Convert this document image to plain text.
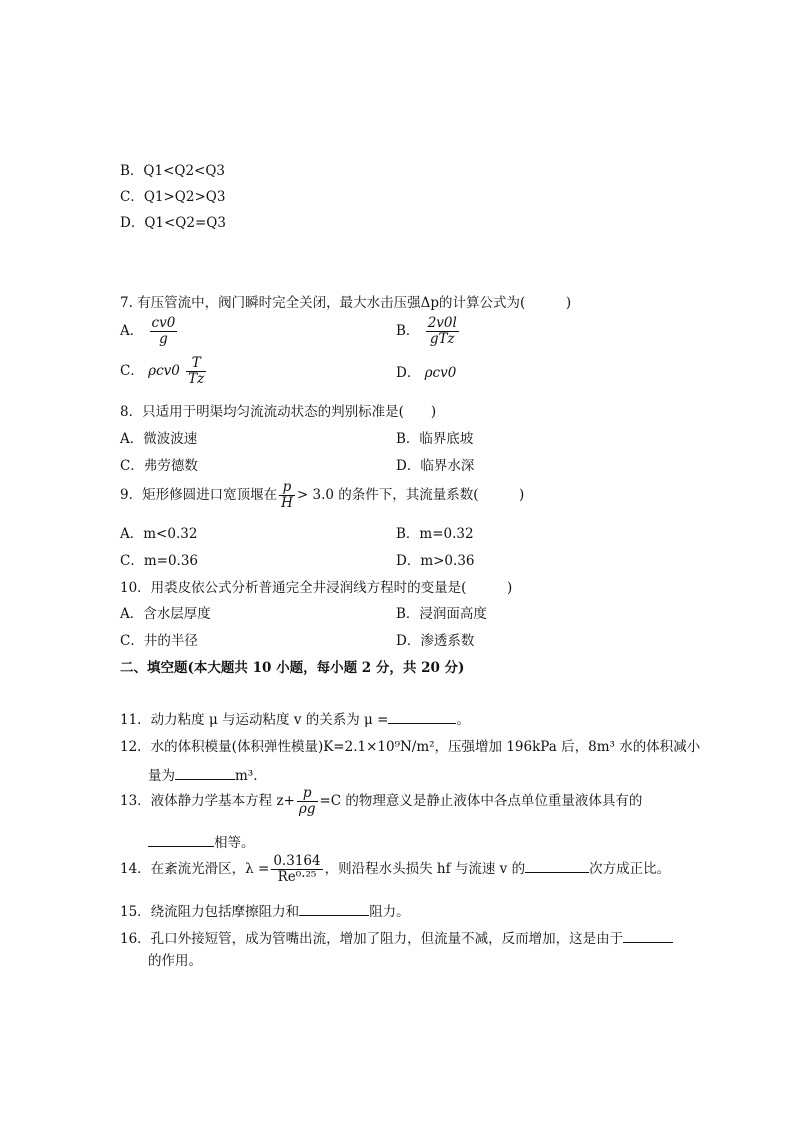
B．Q1<Q2<Q3
C．Q1>Q2>Q3
D．Q1<Q2=Q3
7. 有压管流中，阀门瞬时完全关闭，最大水击压强Δp的计算公式为(　　　)
A． $\frac{cv0}{g}$	B． $\frac{2v0l}{\text{gTz}}$
C． $\rho cv0 \frac{T}{Tz}$	D． ρcv0
8．只适用于明渠均匀流流动状态的判别标准是(　　)
A．微波波速	B．临界底坡
C．弗劳德数	D．临界水深
9．矩形修圆进口宽顶堰在 $\frac{p}{H} > 3.0$ 的条件下，其流量系数(　　　)
A．m<0.32	B．m=0.32
C．m=0.36	D．m>0.36
10．用裘皮依公式分析普通完全井浸润线方程时的变量是(　　　)
A．含水层厚度	B．浸润面高度
C．井的半径	D．渗透系数
二、填空题(本大题共 10 小题，每小题 2 分，共 20 分)
11．动力粘度 μ 与运动粘度 v 的关系为 μ =	。
12．水的体积模量(体积弹性模量)K=2.1×10⁹N/m²，压强增加 196kPa 后，8m³ 水的体积减小
量为	m³.
13．液体静力学基本方程 $z+ \frac{p}{\rho g} =C$ 的物理意义是静止液体中各点单位重量液体具有的
相等。
14．在紊流光滑区，$\lambda = \frac{0.3164}{\text{Re⁰·²⁵}}$ ，则沿程水头损失 hf 与流速 v 的	次方成正比。
15．绕流阻力包括摩擦阻力和	阻力。
16．孔口外接短管，成为管嘴出流，增加了阻力，但流量不减，反而增加，这是由于
的作用。
